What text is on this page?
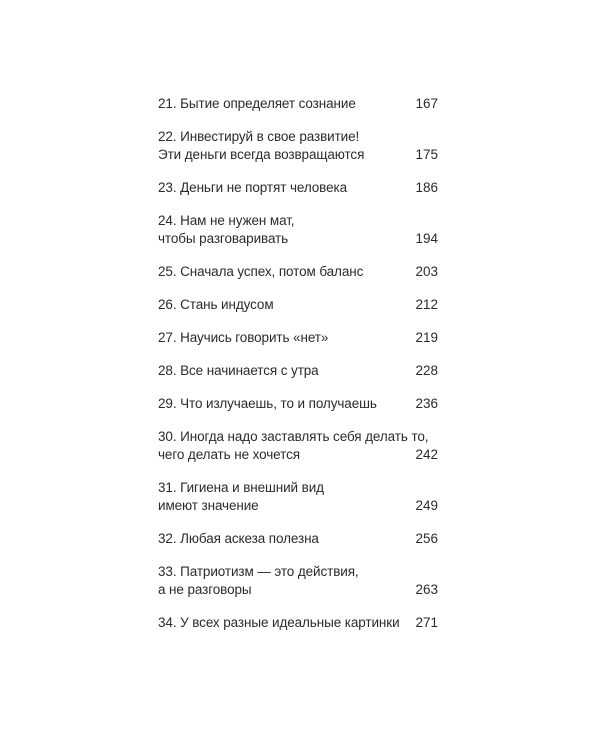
21. Бытие определяет сознание	167
22. Инвестируй в свое развитие!
Эти деньги всегда возвращаются	175
23. Деньги не портят человека	186
24. Нам не нужен мат,
чтобы разговаривать	194
25. Сначала успех, потом баланс	203
26. Стань индусом	212
27. Научись говорить «нет»	219
28. Все начинается с утра	228
29. Что излучаешь, то и получаешь	236
30. Иногда надо заставлять себя делать то,
чего делать не хочется	242
31. Гигиена и внешний вид
имеют значение	249
32. Любая аскеза полезна	256
33. Патриотизм — это действия,
а не разговоры	263
34. У всех разные идеальные картинки	271
